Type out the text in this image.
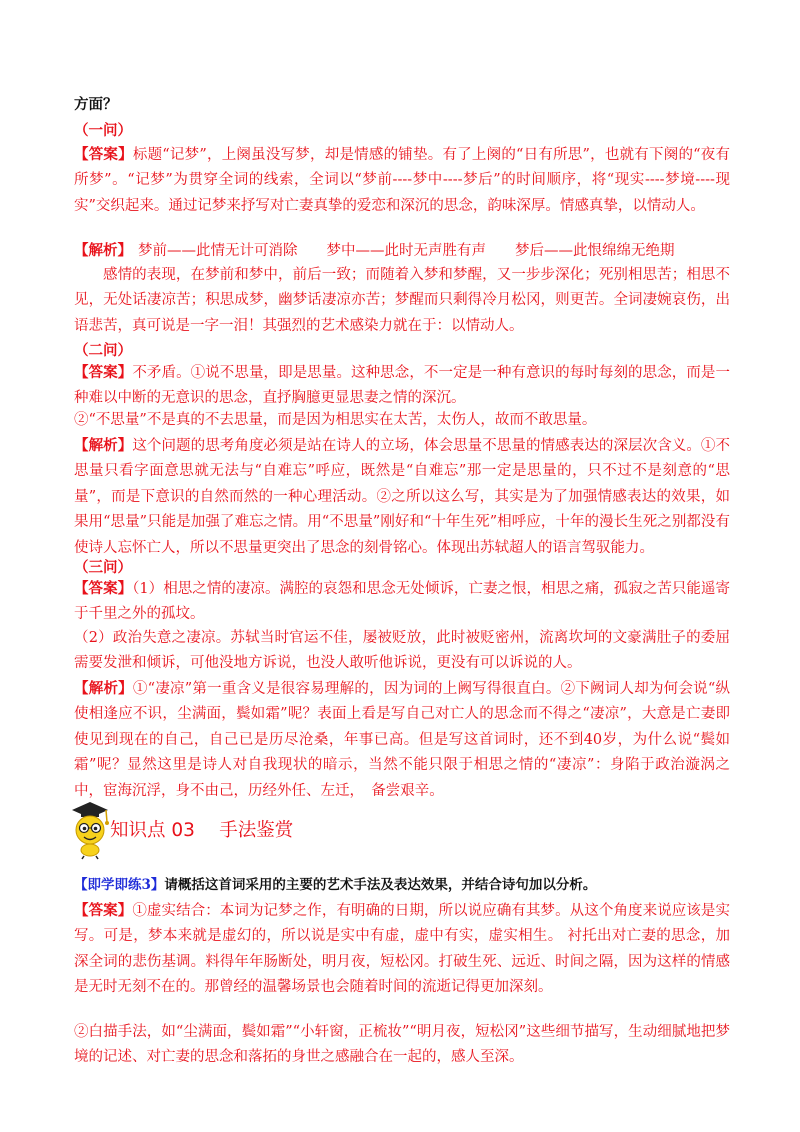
方面？

（一问）

【答案】标题“记梦”，上阕虽没写梦，却是情感的铺垫。有了上阕的“日有所思”，也就有下阕的“夜有所梦”。“记梦”为贯穿全词的线索，全词以“梦前----梦中----梦后”的时间顺序，将“现实----梦境----现实”交织起来。通过记梦来抒写对亡妻真挚的爱恋和深沉的思念，韵味深厚。情感真挚，以情动人。

【解析】 梦前——此情无计可消除　　梦中——此时无声胜有声　　梦后——此恨绵绵无绝期

感情的表现，在梦前和梦中，前后一致；而随着入梦和梦醒，又一步步深化；死别相思苦；相思不见，无处话凄凉苦；积思成梦，幽梦话凄凉亦苦；梦醒而只剩得冷月松冈，则更苦。全词凄婉哀伤，出语悲苦，真可说是一字一泪！其强烈的艺术感染力就在于：以情动人。

（二问）

【答案】不矛盾。①说不思量，即是思量。这种思念，不一定是一种有意识的每时每刻的思念，而是一种难以中断的无意识的思念，直抒胸臆更显思妻之情的深沉。

②“不思量”不是真的不去思量，而是因为相思实在太苦，太伤人，故而不敢思量。

【解析】这个问题的思考角度必须是站在诗人的立场，体会思量不思量的情感表达的深层次含义。①不思量只看字面意思就无法与“自难忘”呼应，既然是“自难忘”那一定是思量的，只不过不是刻意的“思量”，而是下意识的自然而然的一种心理活动。②之所以这么写，其实是为了加强情感表达的效果，如果用“思量”只能是加强了难忘之情。用“不思量”刚好和“十年生死”相呼应，十年的漫长生死之别都没有使诗人忘怀亡人，所以不思量更突出了思念的刻骨铭心。体现出苏轼超人的语言驾驭能力。

（三问）

【答案】（1）相思之情的凄凉。满腔的哀怨和思念无处倾诉，亡妻之恨，相思之痛，孤寂之苦只能遥寄于千里之外的孤坟。

（2）政治失意之凄凉。苏轼当时官运不佳，屡被贬放，此时被贬密州，流离坎坷的文豪满肚子的委屈需要发泄和倾诉，可他没地方诉说，也没人敢听他诉说，更没有可以诉说的人。

【解析】①“凄凉”第一重含义是很容易理解的，因为词的上阙写得很直白。②下阙词人却为何会说“纵使相逢应不识，尘满面，鬓如霜”呢？表面上看是写自己对亡人的思念而不得之“凄凉”，大意是亡妻即使见到现在的自己，自己已是历尽沧桑，年事已高。但是写这首词时，还不到40岁，为什么说“鬓如霜”呢？显然这里是诗人对自我现状的暗示，当然不能只限于相思之情的“凄凉”：身陷于政治漩涡之中，宦海沉浮，身不由己，历经外任、左迁，　备尝艰辛。

知识点 03　 手法鉴赏

【即学即练3】请概括这首词采用的主要的艺术手法及表达效果，并结合诗句加以分析。

【答案】①虚实结合：本词为记梦之作，有明确的日期，所以说应确有其梦。从这个角度来说应该是实写。可是，梦本来就是虚幻的，所以说是实中有虚，虚中有实，虚实相生。 衬托出对亡妻的思念，加深全词的悲伤基调。料得年年肠断处，明月夜，短松冈。打破生死、远近、时间之隔，因为这样的情感是无时无刻不在的。那曾经的温馨场景也会随着时间的流逝记得更加深刻。

②白描手法，如“尘满面，鬓如霜”“小轩窗，正梳妆”“明月夜，短松冈”这些细节描写，生动细腻地把梦境的记述、对亡妻的思念和落拓的身世之感融合在一起的，感人至深。
